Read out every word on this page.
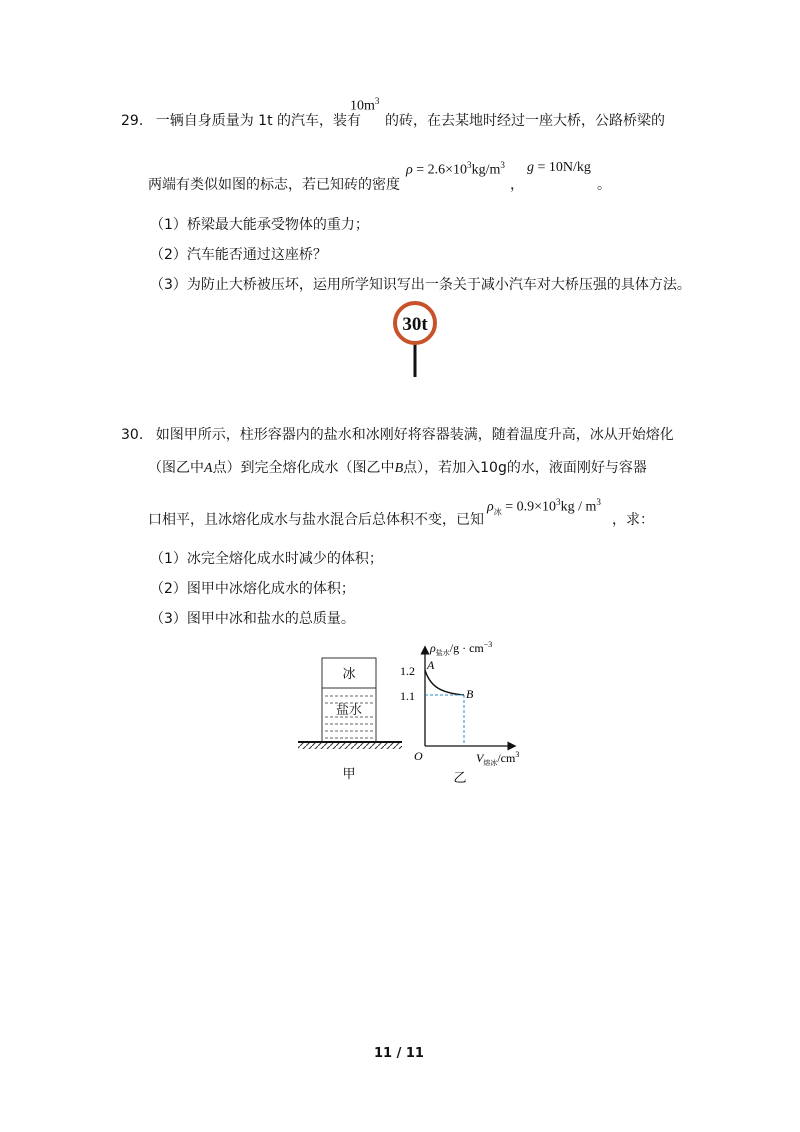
29. 一辆自身质量为 1t 的汽车，装有
$10m^3$
的砖，在去某地时经过一座大桥，公路桥梁的
两端有类似如图的标志，若已知砖的密度
$\rho = 2.6\times 10^3kg/m^3$
，
g = 10N/kg
。
（1）桥梁最大能承受物体的重力；
（2）汽车能否通过这座桥？
（3）为防止大桥被压坏，运用所学知识写出一条关于减小汽车对大桥压强的具体方法。
30t
30. 如图甲所示，柱形容器内的盐水和冰刚好将容器装满，随着温度升高，冰从开始熔化
（图乙中A点）到完全熔化成水（图乙中B点），若加入10g的水，液面刚好与容器
口相平，且冰熔化成水与盐水混合后总体积不变，已知
$\rho_冰 = 0.9\times 10^3kg / m^3$
，求：
（1）冰完全熔化成水时减少的体积；
（2）图甲中冰熔化成水的体积；
（3）图甲中冰和盐水的总质量。
冰
盐水
甲
1.2
1.1
A
B
O
$\rho_{盐水}/g \cdot cm^{-3}$
$V_{熔冰}/cm^3$
乙
11 / 11
